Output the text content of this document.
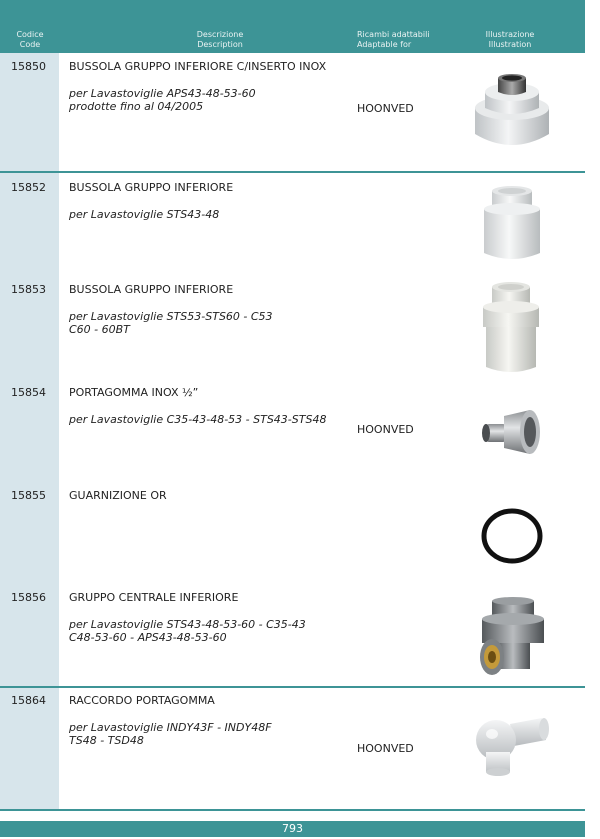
Codice
Code
Descrizione
Description
Ricambi adattabili
Adaptable for
Illustrazione
Illustration
15850 BUSSOLA GRUPPO INFERIORE C/INSERTO INOX
per Lavastoviglie APS43-48-53-60
prodotte fino al 04/2005	HOONVED
15852 BUSSOLA GRUPPO INFERIORE
per Lavastoviglie STS43-48
15853 BUSSOLA GRUPPO INFERIORE
per Lavastoviglie STS53-STS60 - C53
C60 - 60BT
15854 PORTAGOMMA INOX ½”
per Lavastoviglie C35-43-48-53 - STS43-STS48
HOONVED
15855 GUARNIZIONE OR
15856 GRUPPO CENTRALE INFERIORE
per Lavastoviglie STS43-48-53-60 - C35-43
C48-53-60 - APS43-48-53-60
15864 RACCORDO PORTAGOMMA
per Lavastoviglie INDY43F - INDY48F
TS48 - TSD48
HOONVED
793
